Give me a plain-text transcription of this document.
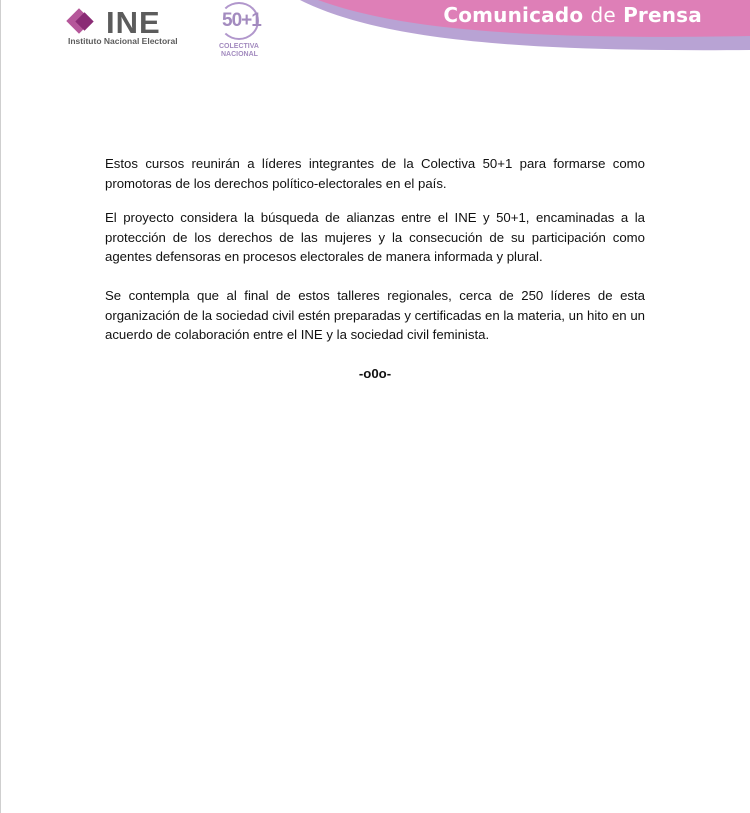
Comunicado de Prensa
INE
Instituto Nacional Electoral
50+1
COLECTIVA
NACIONAL

Estos cursos reunirán a líderes integrantes de la Colectiva 50+1 para formarse como promotoras de los derechos político-electorales en el país.

El proyecto considera la búsqueda de alianzas entre el INE y 50+1, encaminadas a la protección de los derechos de las mujeres y la consecución de su participación como agentes defensoras en procesos electorales de manera informada y plural.

Se contempla que al final de estos talleres regionales, cerca de 250 líderes de esta organización de la sociedad civil estén preparadas y certificadas en la materia, un hito en un acuerdo de colaboración entre el INE y la sociedad civil feminista.

-o0o-
